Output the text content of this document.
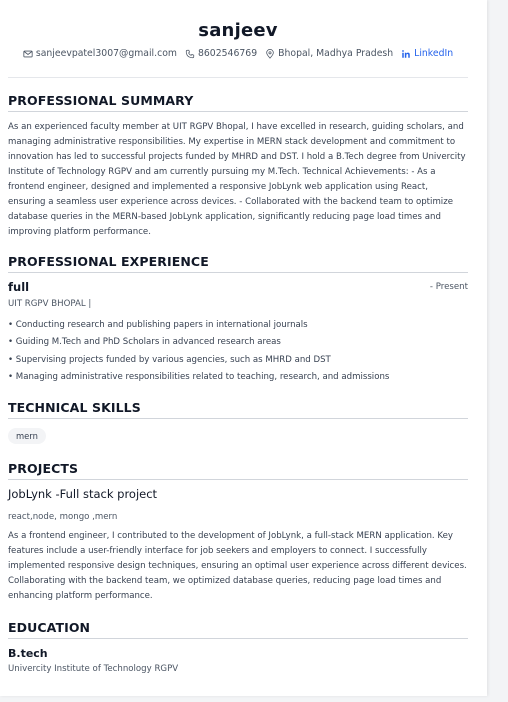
sanjeev
sanjeevpatel3007@gmail.com 8602546769 Bhopal, Madhya Pradesh LinkedIn
PROFESSIONAL SUMMARY
As an experienced faculty member at UIT RGPV Bhopal, I have excelled in research, guiding scholars, and managing administrative responsibilities. My expertise in MERN stack development and commitment to innovation has led to successful projects funded by MHRD and DST. I hold a B.Tech degree from Univercity Institute of Technology RGPV and am currently pursuing my M.Tech. Technical Achievements: - As a frontend engineer, designed and implemented a responsive JobLynk web application using React, ensuring a seamless user experience across devices. - Collaborated with the backend team to optimize database queries in the MERN-based JobLynk application, significantly reducing page load times and improving platform performance.
PROFESSIONAL EXPERIENCE
full	- Present
UIT RGPV BHOPAL |
• Conducting research and publishing papers in international journals
• Guiding M.Tech and PhD Scholars in advanced research areas
• Supervising projects funded by various agencies, such as MHRD and DST
• Managing administrative responsibilities related to teaching, research, and admissions
TECHNICAL SKILLS
mern
PROJECTS
JobLynk -Full stack project
react,node, mongo ,mern
As a frontend engineer, I contributed to the development of JobLynk, a full-stack MERN application. Key features include a user-friendly interface for job seekers and employers to connect. I successfully implemented responsive design techniques, ensuring an optimal user experience across different devices. Collaborating with the backend team, we optimized database queries, reducing page load times and enhancing platform performance.
EDUCATION
B.tech
Univercity Institute of Technology RGPV
